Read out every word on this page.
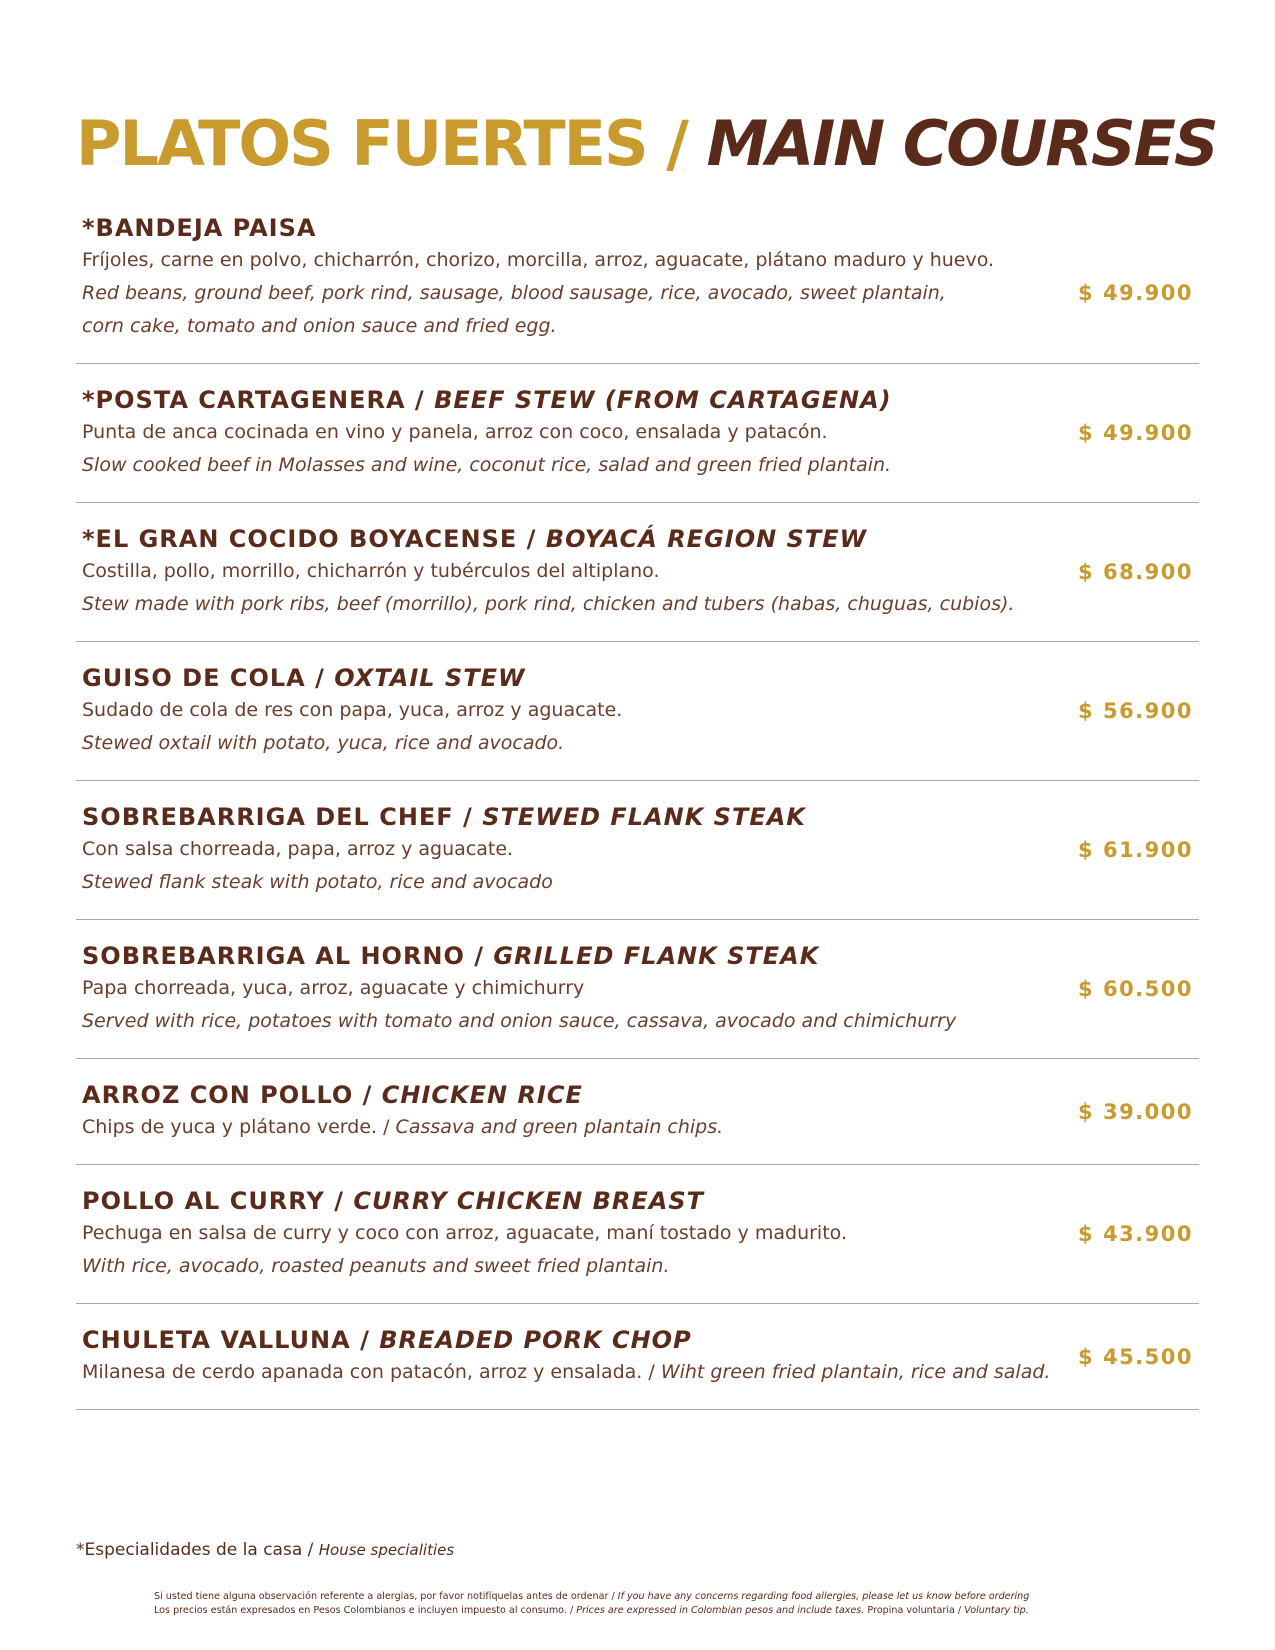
PLATOS FUERTES / MAIN COURSES
*BANDEJA PAISA
Fríjoles, carne en polvo, chicharrón, chorizo, morcilla, arroz, aguacate, plátano maduro y huevo.
Red beans, ground beef, pork rind, sausage, blood sausage, rice, avocado, sweet plantain,
corn cake, tomato and onion sauce and fried egg.
$ 49.900
*POSTA CARTAGENERA / BEEF STEW (FROM CARTAGENA)
Punta de anca cocinada en vino y panela, arroz con coco, ensalada y patacón.
Slow cooked beef in Molasses and wine, coconut rice, salad and green fried plantain.
$ 49.900
*EL GRAN COCIDO BOYACENSE / BOYACÁ REGION STEW
Costilla, pollo, morrillo, chicharrón y tubérculos del altiplano.
Stew made with pork ribs, beef (morrillo), pork rind, chicken and tubers (habas, chuguas, cubios).
$ 68.900
GUISO DE COLA / OXTAIL STEW
Sudado de cola de res con papa, yuca, arroz y aguacate.
Stewed oxtail with potato, yuca, rice and avocado.
$ 56.900
SOBREBARRIGA DEL CHEF / STEWED FLANK STEAK
Con salsa chorreada, papa, arroz y aguacate.
Stewed flank steak with potato, rice and avocado
$ 61.900
SOBREBARRIGA AL HORNO / GRILLED FLANK STEAK
Papa chorreada, yuca, arroz, aguacate y chimichurry
Served with rice, potatoes with tomato and onion sauce, cassava, avocado and chimichurry
$ 60.500
ARROZ CON POLLO / CHICKEN RICE
Chips de yuca y plátano verde. / Cassava and green plantain chips.
$ 39.000
POLLO AL CURRY / CURRY CHICKEN BREAST
Pechuga en salsa de curry y coco con arroz, aguacate, maní tostado y madurito.
With rice, avocado, roasted peanuts and sweet fried plantain.
$ 43.900
CHULETA VALLUNA / BREADED PORK CHOP
Milanesa de cerdo apanada con patacón, arroz y ensalada. / Wiht green fried plantain, rice and salad.
$ 45.500
*Especialidades de la casa / House specialities
Si usted tiene alguna observación referente a alergias, por favor notifíquelas antes de ordenar / If you have any concerns regarding food allergies, please let us know before ordering
Los precios están expresados en Pesos Colombianos e incluyen impuesto al consumo. / Prices are expressed in Colombian pesos and include taxes. Propina voluntaria / Voluntary tip.
